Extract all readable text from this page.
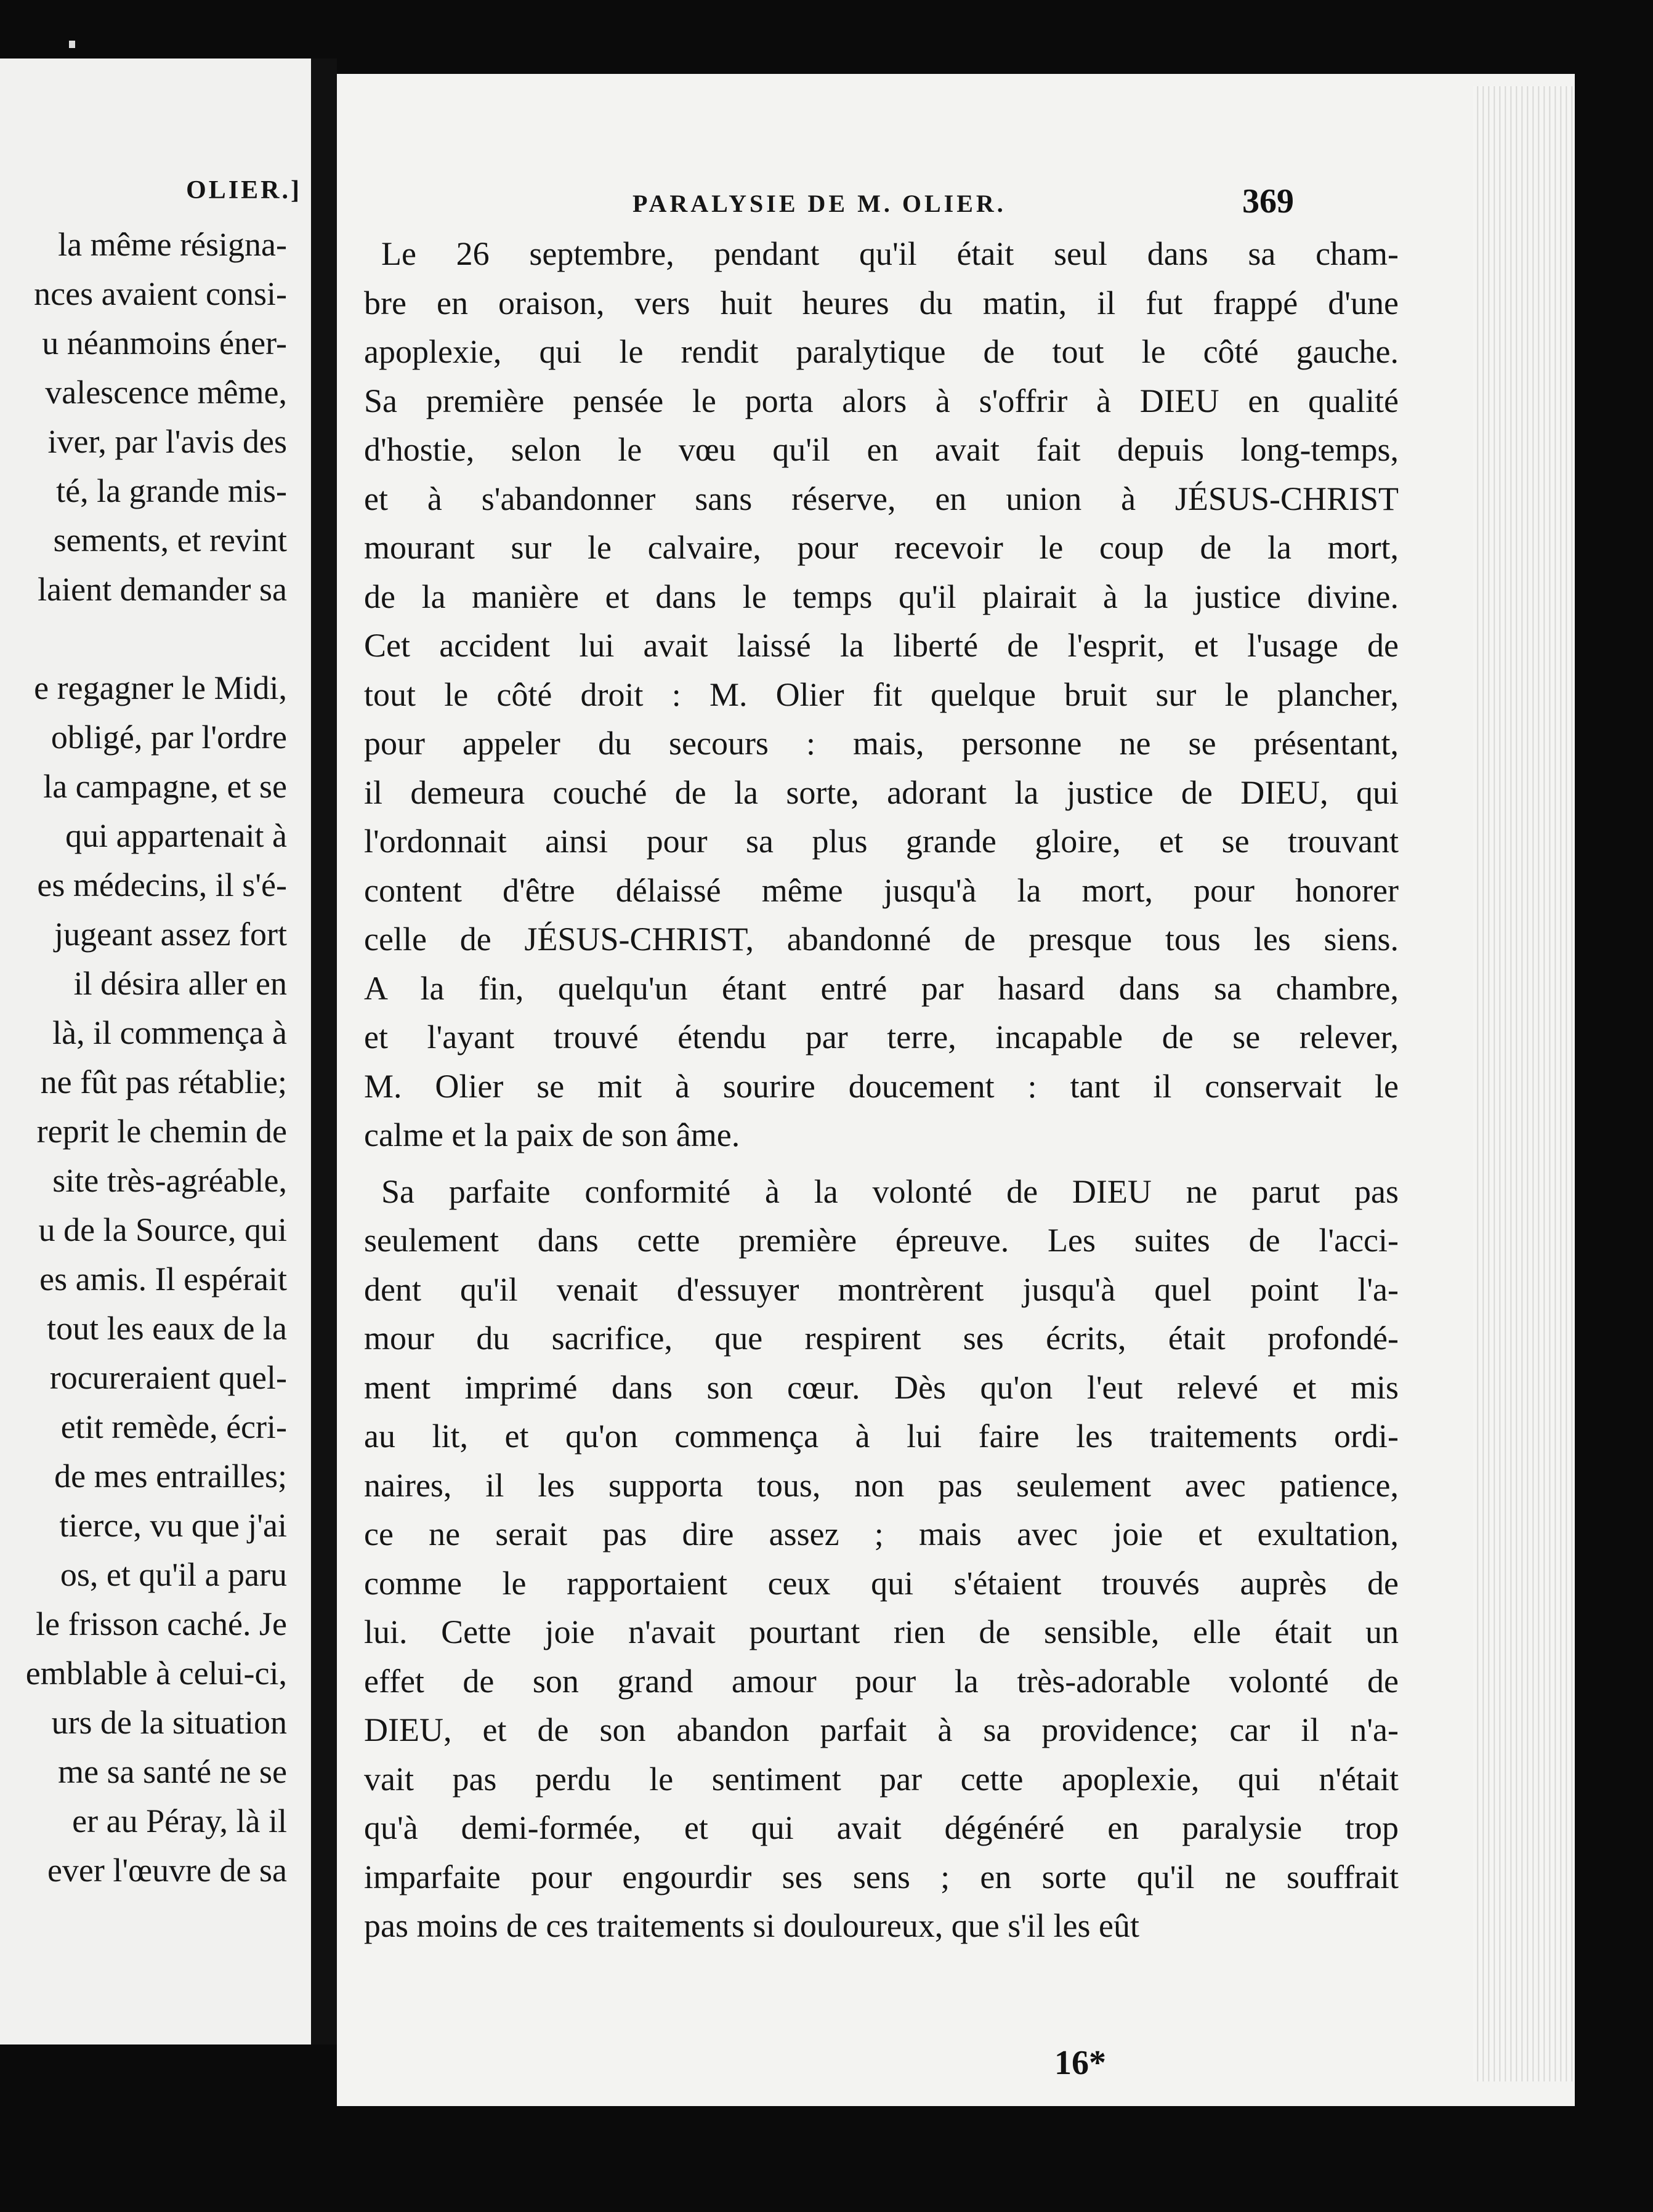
OLIER.]
la même résigna-
nces avaient consi-
u néanmoins éner-
valescence même,
iver, par l'avis des
té, la grande mis-
sements, et revint
laient demander sa
e regagner le Midi,
obligé, par l'ordre
la campagne, et se
qui appartenait à
es médecins, il s'é-
jugeant assez fort
il désira aller en
là, il commença à
ne fût pas rétablie;
reprit le chemin de
site très-agréable,
u de la Source, qui
es amis. Il espérait
tout les eaux de la
rocureraient quel-
etit remède, écri-
de mes entrailles;
tierce, vu que j'ai
os, et qu'il a paru
le frisson caché. Je
emblable à celui-ci,
urs de la situation
me sa santé ne se
er au Péray, là il
ever l'œuvre de sa
PARALYSIE DE M. OLIER.	369
Le 26 septembre, pendant qu'il était seul dans sa cham-
bre en oraison, vers huit heures du matin, il fut frappé d'une
apoplexie, qui le rendit paralytique de tout le côté gauche.
Sa première pensée le porta alors à s'offrir à DIEU en qualité
d'hostie, selon le vœu qu'il en avait fait depuis long-temps,
et à s'abandonner sans réserve, en union à JÉSUS-CHRIST
mourant sur le calvaire, pour recevoir le coup de la mort,
de la manière et dans le temps qu'il plairait à la justice divine.
Cet accident lui avait laissé la liberté de l'esprit, et l'usage de
tout le côté droit : M. Olier fit quelque bruit sur le plancher,
pour appeler du secours : mais, personne ne se présentant,
il demeura couché de la sorte, adorant la justice de DIEU, qui
l'ordonnait ainsi pour sa plus grande gloire, et se trouvant
content d'être délaissé même jusqu'à la mort, pour honorer
celle de JÉSUS-CHRIST, abandonné de presque tous les siens.
A la fin, quelqu'un étant entré par hasard dans sa chambre,
et l'ayant trouvé étendu par terre, incapable de se relever,
M. Olier se mit à sourire doucement : tant il conservait le
calme et la paix de son âme.
Sa parfaite conformité à la volonté de DIEU ne parut pas
seulement dans cette première épreuve. Les suites de l'acci-
dent qu'il venait d'essuyer montrèrent jusqu'à quel point l'a-
mour du sacrifice, que respirent ses écrits, était profondé-
ment imprimé dans son cœur. Dès qu'on l'eut relevé et mis
au lit, et qu'on commença à lui faire les traitements ordi-
naires, il les supporta tous, non pas seulement avec patience,
ce ne serait pas dire assez ; mais avec joie et exultation,
comme le rapportaient ceux qui s'étaient trouvés auprès de
lui. Cette joie n'avait pourtant rien de sensible, elle était un
effet de son grand amour pour la très-adorable volonté de
DIEU, et de son abandon parfait à sa providence; car il n'a-
vait pas perdu le sentiment par cette apoplexie, qui n'était
qu'à demi-formée, et qui avait dégénéré en paralysie trop
imparfaite pour engourdir ses sens ; en sorte qu'il ne souffrait
pas moins de ces traitements si douloureux, que s'il les eût
16*
